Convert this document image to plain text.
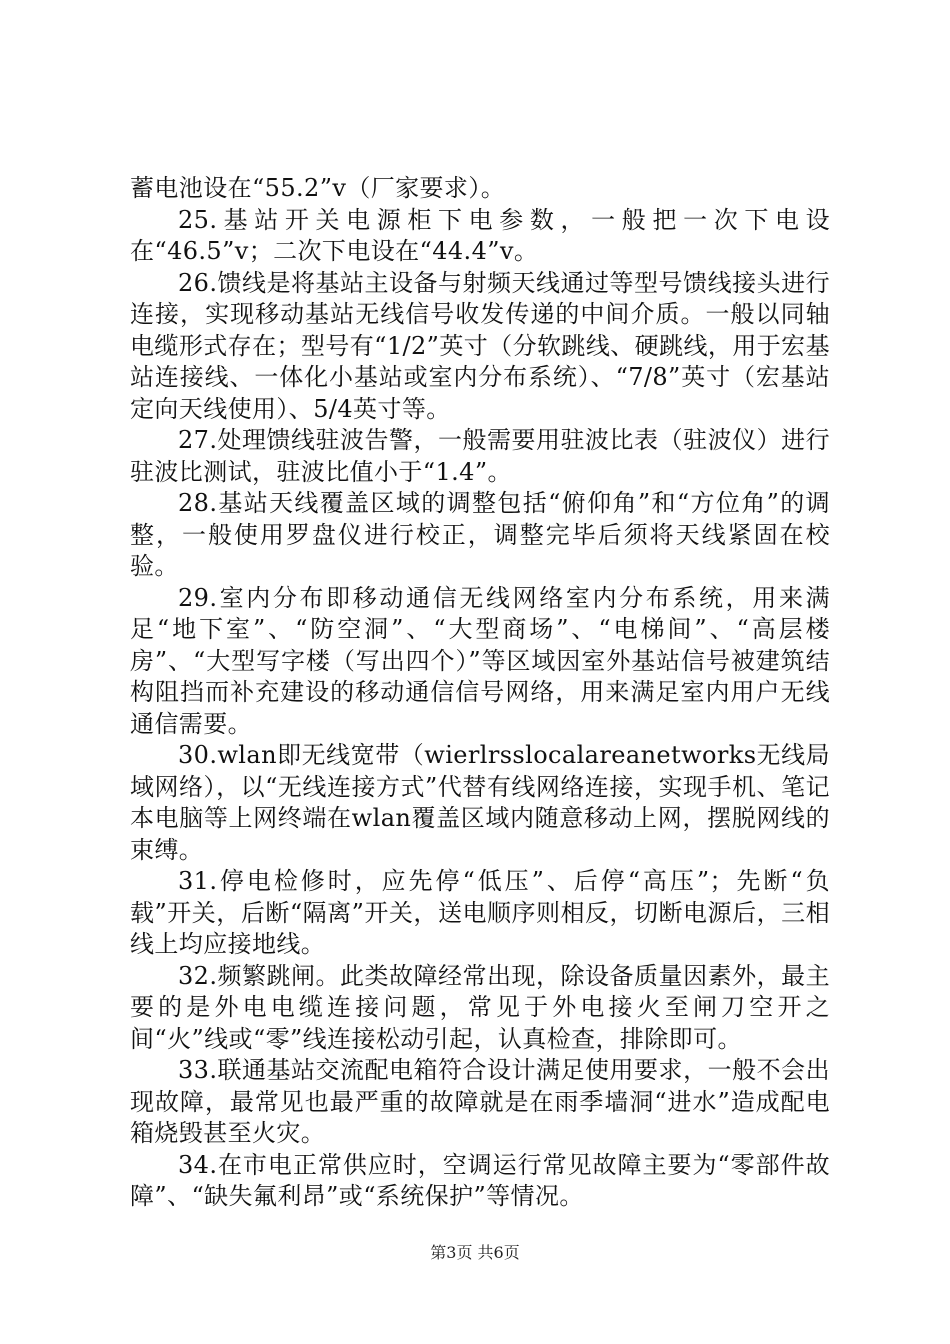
蓄电池设在“55.2”v（厂家要求）。

25.基站开关电源柜下电参数，一般把一次下电设在“46.5”v；二次下电设在“44.4”v。

26.馈线是将基站主设备与射频天线通过等型号馈线接头进行连接，实现移动基站无线信号收发传递的中间介质。一般以同轴电缆形式存在；型号有“1/2”英寸（分软跳线、硬跳线，用于宏基站连接线、一体化小基站或室内分布系统）、“7/8”英寸（宏基站定向天线使用）、5/4英寸等。

27.处理馈线驻波告警，一般需要用驻波比表（驻波仪）进行驻波比测试，驻波比值小于“1.4”。

28.基站天线覆盖区域的调整包括“俯仰角”和“方位角”的调整，一般使用罗盘仪进行校正，调整完毕后须将天线紧固在校验。

29.室内分布即移动通信无线网络室内分布系统，用来满足“地下室”、“防空洞”、“大型商场”、“电梯间”、“高层楼房”、“大型写字楼（写出四个）”等区域因室外基站信号被建筑结构阻挡而补充建设的移动通信信号网络，用来满足室内用户无线通信需要。

30.wlan即无线宽带（wierlrsslocalareanetworks无线局域网络），以“无线连接方式”代替有线网络连接，实现手机、笔记本电脑等上网终端在wlan覆盖区域内随意移动上网，摆脱网线的束缚。

31.停电检修时，应先停“低压”、后停“高压”；先断“负载”开关，后断“隔离”开关，送电顺序则相反，切断电源后，三相线上均应接地线。

32.频繁跳闸。此类故障经常出现，除设备质量因素外，最主要的是外电电缆连接问题，常见于外电接火至闸刀空开之间“火”线或“零”线连接松动引起，认真检查，排除即可。

33.联通基站交流配电箱符合设计满足使用要求，一般不会出现故障，最常见也最严重的故障就是在雨季墙洞“进水”造成配电箱烧毁甚至火灾。

34.在市电正常供应时，空调运行常见故障主要为“零部件故障”、“缺失氟利昂”或“系统保护”等情况。

第3页 共6页
